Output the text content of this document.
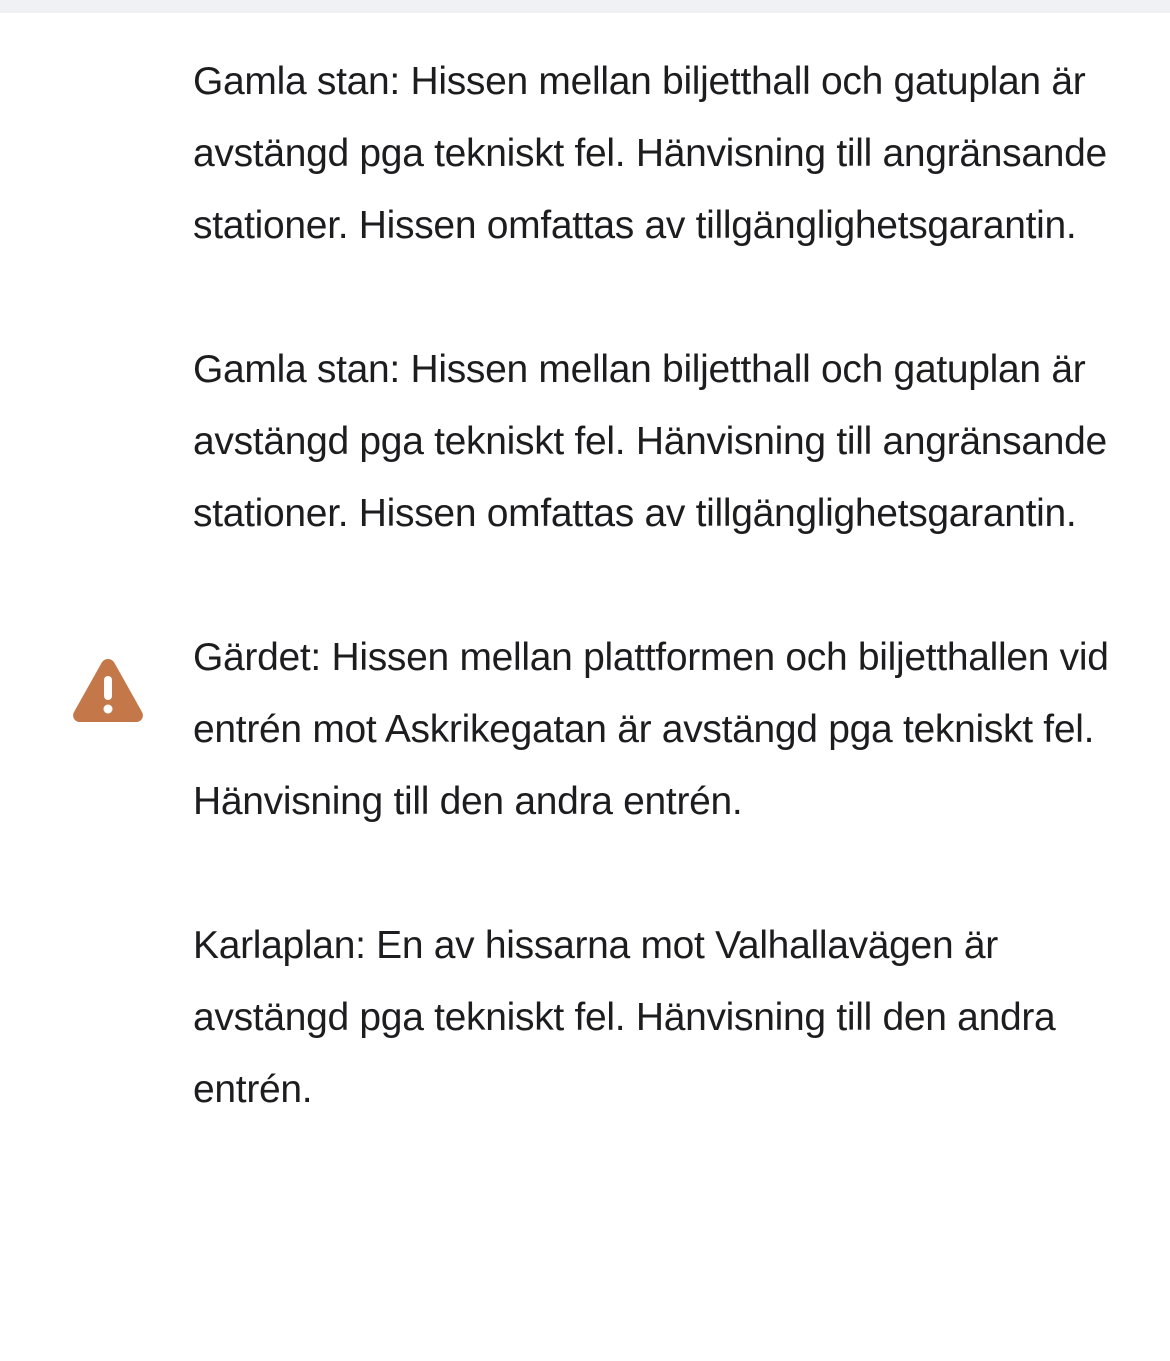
Gamla stan: Hissen mellan biljetthall och gatuplan är avstängd pga tekniskt fel. Hänvisning till angränsande stationer. Hissen omfattas av tillgänglighetsgarantin.

Gamla stan: Hissen mellan biljetthall och gatuplan är avstängd pga tekniskt fel. Hänvisning till angränsande stationer. Hissen omfattas av tillgänglighetsgarantin.

Gärdet: Hissen mellan plattformen och biljetthallen vid entrén mot Askrikegatan är avstängd pga tekniskt fel. Hänvisning till den andra entrén.

Karlaplan: En av hissarna mot Valhallavägen är avstängd pga tekniskt fel. Hänvisning till den andra entrén.
